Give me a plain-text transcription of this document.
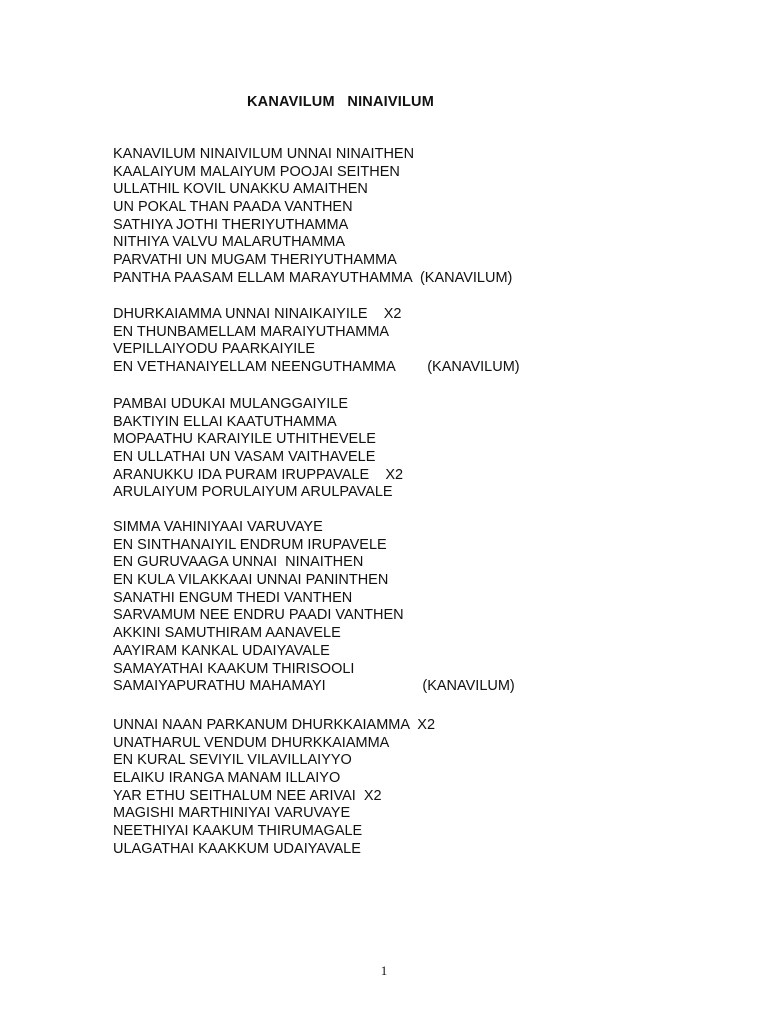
KANAVILUM   NINAIVILUM
KANAVILUM NINAIVILUM UNNAI NINAITHEN
KAALAIYUM MALAIYUM POOJAI SEITHEN
ULLATHIL KOVIL UNAKKU AMAITHEN
UN POKAL THAN PAADA VANTHEN
SATHIYA JOTHI THERIYUTHAMMA
NITHIYA VALVU MALARUTHAMMA
PARVATHI UN MUGAM THERIYUTHAMMA
PANTHA PAASAM ELLAM MARAYUTHAMMA  (KANAVILUM)
DHURKAIAMMA UNNAI NINAIKAIYILE    X2
EN THUNBAMELLAM MARAIYUTHAMMA
VEPILLAIYODU PAARKAIYILE
EN VETHANAIYELLAM NEENGUTHAMMA        (KANAVILUM)
PAMBAI UDUKAI MULANGGAIYILE
BAKTIYIN ELLAI KAATUTHAMMA
MOPAATHU KARAIYILE UTHITHEVELE
EN ULLATHAI UN VASAM VAITHAVELE
ARANUKKU IDA PURAM IRUPPAVALE    X2
ARULAIYUM PORULAIYUM ARULPAVALE
SIMMA VAHINIYAAI VARUVAYE
EN SINTHANAIYIL ENDRUM IRUPAVELE
EN GURUVAAGA UNNAI  NINAITHEN
EN KULA VILAKKAAI UNNAI PANINTHEN
SANATHI ENGUM THEDI VANTHEN
SARVAMUM NEE ENDRU PAADI VANTHEN
AKKINI SAMUTHIRAM AANAVELE
AAYIRAM KANKAL UDAIYAVALE
SAMAYATHAI KAAKUM THIRISOOLI
SAMAIYAPURATHU MAHAMAYI                        (KANAVILUM)
UNNAI NAAN PARKANUM DHURKKAIAMMA  X2
UNATHARUL VENDUM DHURKKAIAMMA
EN KURAL SEVIYIL VILAVILLAIYYO
ELAIKU IRANGA MANAM ILLAIYO
YAR ETHU SEITHALUM NEE ARIVAI  X2
MAGISHI MARTHINIYAI VARUVAYE
NEETHIYAI KAAKUM THIRUMAGALE
ULAGATHAI KAAKKUM UDAIYAVALE
1
